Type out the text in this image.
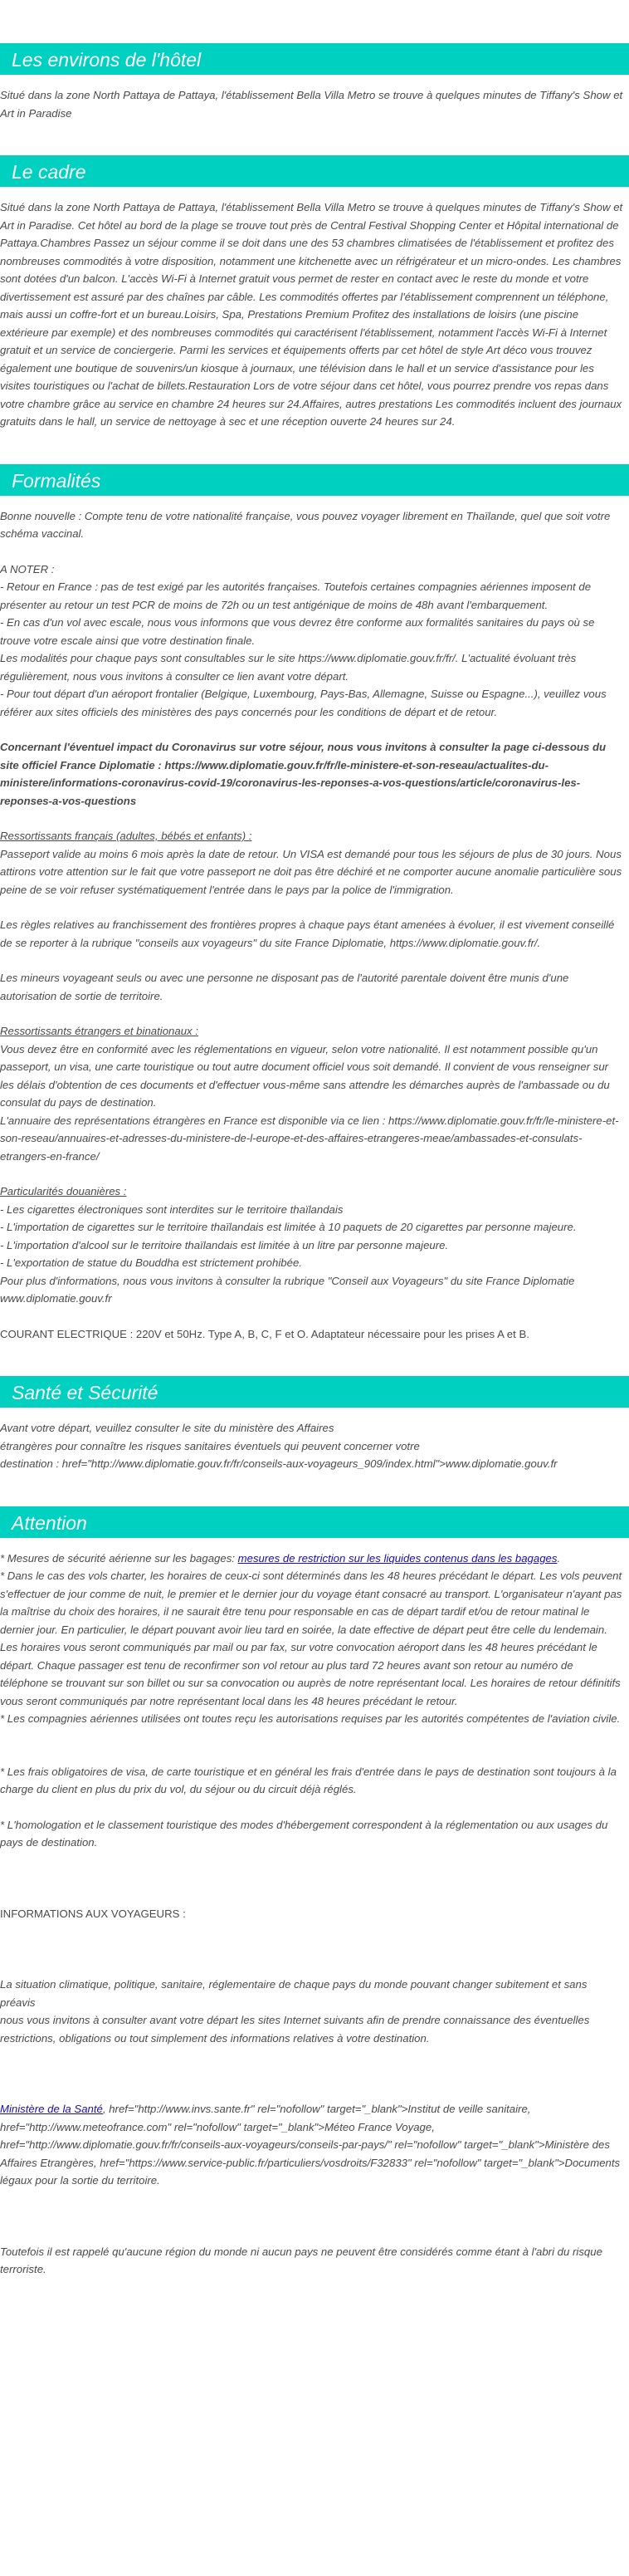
Les environs de l'hôtel

Situé dans la zone North Pattaya de Pattaya, l'établissement Bella Villa Metro se trouve à quelques minutes de Tiffany's Show et Art in Paradise

Le cadre

Situé dans la zone North Pattaya de Pattaya, l'établissement Bella Villa Metro se trouve à quelques minutes de Tiffany's Show et Art in Paradise. Cet hôtel au bord de la plage se trouve tout près de Central Festival Shopping Center et Hôpital international de Pattaya.Chambres Passez un séjour comme il se doit dans une des 53 chambres climatisées de l'établissement et profitez des nombreuses commodités à votre disposition, notamment une kitchenette avec un réfrigérateur et un micro-ondes. Les chambres sont dotées d'un balcon. L'accès Wi-Fi à Internet gratuit vous permet de rester en contact avec le reste du monde et votre divertissement est assuré par des chaînes par câble. Les commodités offertes par l'établissement comprennent un téléphone, mais aussi un coffre-fort et un bureau.Loisirs, Spa, Prestations Premium Profitez des installations de loisirs (une piscine extérieure par exemple) et des nombreuses commodités qui caractérisent l'établissement, notamment l'accès Wi-Fi à Internet gratuit et un service de conciergerie. Parmi les services et équipements offerts par cet hôtel de style Art déco vous trouvez également une boutique de souvenirs/un kiosque à journaux, une télévision dans le hall et un service d'assistance pour les visites touristiques ou l'achat de billets.Restauration Lors de votre séjour dans cet hôtel, vous pourrez prendre vos repas dans votre chambre grâce au service en chambre 24 heures sur 24.Affaires, autres prestations Les commodités incluent des journaux gratuits dans le hall, un service de nettoyage à sec et une réception ouverte 24 heures sur 24.

Formalités

Bonne nouvelle : Compte tenu de votre nationalité française, vous pouvez voyager librement en Thaïlande, quel que soit votre schéma vaccinal.

A NOTER :

- Retour en France : pas de test exigé par les autorités françaises. Toutefois certaines compagnies aériennes imposent de présenter au retour un test PCR de moins de 72h ou un test antigénique de moins de 48h avant l'embarquement.

- En cas d'un vol avec escale, nous vous informons que vous devrez être conforme aux formalités sanitaires du pays où se trouve votre escale ainsi que votre destination finale.

Les modalités pour chaque pays sont consultables sur le site https://www.diplomatie.gouv.fr/fr/. L'actualité évoluant très régulièrement, nous vous invitons à consulter ce lien avant votre départ.

- Pour tout départ d'un aéroport frontalier (Belgique, Luxembourg, Pays-Bas, Allemagne, Suisse ou Espagne...), veuillez vous référer aux sites officiels des ministères des pays concernés pour les conditions de départ et de retour.

Concernant l'éventuel impact du Coronavirus sur votre séjour, nous vous invitons à consulter la page ci-dessous du site officiel France Diplomatie : https://www.diplomatie.gouv.fr/fr/le-ministere-et-son-reseau/actualites-du-ministere/informations-coronavirus-covid-19/coronavirus-les-reponses-a-vos-questions/article/coronavirus-les-reponses-a-vos-questions

Ressortissants français (adultes, bébés et enfants) :

Passeport valide au moins 6 mois après la date de retour. Un VISA est demandé pour tous les séjours de plus de 30 jours. Nous attirons votre attention sur le fait que votre passeport ne doit pas être déchiré et ne comporter aucune anomalie particulière sous peine de se voir refuser systématiquement l'entrée dans le pays par la police de l'immigration.

Les règles relatives au franchissement des frontières propres à chaque pays étant amenées à évoluer, il est vivement conseillé de se reporter à la rubrique "conseils aux voyageurs" du site France Diplomatie, https://www.diplomatie.gouv.fr/.

Les mineurs voyageant seuls ou avec une personne ne disposant pas de l'autorité parentale doivent être munis d'une autorisation de sortie de territoire.

Ressortissants étrangers et binationaux :

Vous devez être en conformité avec les réglementations en vigueur, selon votre nationalité. Il est notamment possible qu'un passeport, un visa, une carte touristique ou tout autre document officiel vous soit demandé. Il convient de vous renseigner sur les délais d'obtention de ces documents et d'effectuer vous-même sans attendre les démarches auprès de l'ambassade ou du consulat du pays de destination.

L'annuaire des représentations étrangères en France est disponible via ce lien : https://www.diplomatie.gouv.fr/fr/le-ministere-et-son-reseau/annuaires-et-adresses-du-ministere-de-l-europe-et-des-affaires-etrangeres-meae/ambassades-et-consulats-etrangers-en-france/

Particularités douanières :

- Les cigarettes électroniques sont interdites sur le territoire thaïlandais

- L'importation de cigarettes sur le territoire thaïlandais est limitée à 10 paquets de 20 cigarettes par personne majeure.

- L'importation d'alcool sur le territoire thaïlandais est limitée à un litre par personne majeure.

- L'exportation de statue du Bouddha est strictement prohibée.

Pour plus d'informations, nous vous invitons à consulter la rubrique "Conseil aux Voyageurs" du site France Diplomatie www.diplomatie.gouv.fr

COURANT ELECTRIQUE : 220V et 50Hz. Type A, B, C, F et O. Adaptateur nécessaire pour les prises A et B.

Santé et Sécurité

Avant votre départ, veuillez consulter le site du ministère des Affaires

étrangères pour connaître les risques sanitaires éventuels qui peuvent concerner votre

destination : href="http://www.diplomatie.gouv.fr/fr/conseils-aux-voyageurs_909/index.html">www.diplomatie.gouv.fr

Attention

* Mesures de sécurité aérienne sur les bagages: mesures de restriction sur les liquides contenus dans les bagages.

* Dans le cas des vols charter, les horaires de ceux-ci sont déterminés dans les 48 heures précédant le départ. Les vols peuvent s'effectuer de jour comme de nuit, le premier et le dernier jour du voyage étant consacré au transport. L'organisateur n'ayant pas la maîtrise du choix des horaires, il ne saurait être tenu pour responsable en cas de départ tardif et/ou de retour matinal le dernier jour. En particulier, le départ pouvant avoir lieu tard en soirée, la date effective de départ peut être celle du lendemain. Les horaires vous seront communiqués par mail ou par fax, sur votre convocation aéroport dans les 48 heures précédant le départ. Chaque passager est tenu de reconfirmer son vol retour au plus tard 72 heures avant son retour au numéro de téléphone se trouvant sur son billet ou sur sa convocation ou auprès de notre représentant local. Les horaires de retour définitifs vous seront communiqués par notre représentant local dans les 48 heures précédant le retour.

* Les compagnies aériennes utilisées ont toutes reçu les autorisations requises par les autorités compétentes de l'aviation civile.

* Les frais obligatoires de visa, de carte touristique et en général les frais d'entrée dans le pays de destination sont toujours à la charge du client en plus du prix du vol, du séjour ou du circuit déjà réglés.

* L'homologation et le classement touristique des modes d'hébergement correspondent à la réglementation ou aux usages du pays de destination.

INFORMATIONS AUX VOYAGEURS :

La situation climatique, politique, sanitaire, réglementaire de chaque pays du monde pouvant changer subitement et sans préavis

nous vous invitons à consulter avant votre départ les sites Internet suivants afin de prendre connaissance des éventuelles restrictions, obligations ou tout simplement des informations relatives à votre destination.

Ministère de la Santé, href="http://www.invs.sante.fr" rel="nofollow" target="_blank">Institut de veille sanitaire, href="http://www.meteofrance.com" rel="nofollow" target="_blank">Méteo France Voyage, href="http://www.diplomatie.gouv.fr/fr/conseils-aux-voyageurs/conseils-par-pays/" rel="nofollow" target="_blank">Ministère des Affaires Etrangères, href="https://www.service-public.fr/particuliers/vosdroits/F32833" rel="nofollow" target="_blank">Documents légaux pour la sortie du territoire.

Toutefois il est rappelé qu'aucune région du monde ni aucun pays ne peuvent être considérés comme étant à l'abri du risque terroriste.
